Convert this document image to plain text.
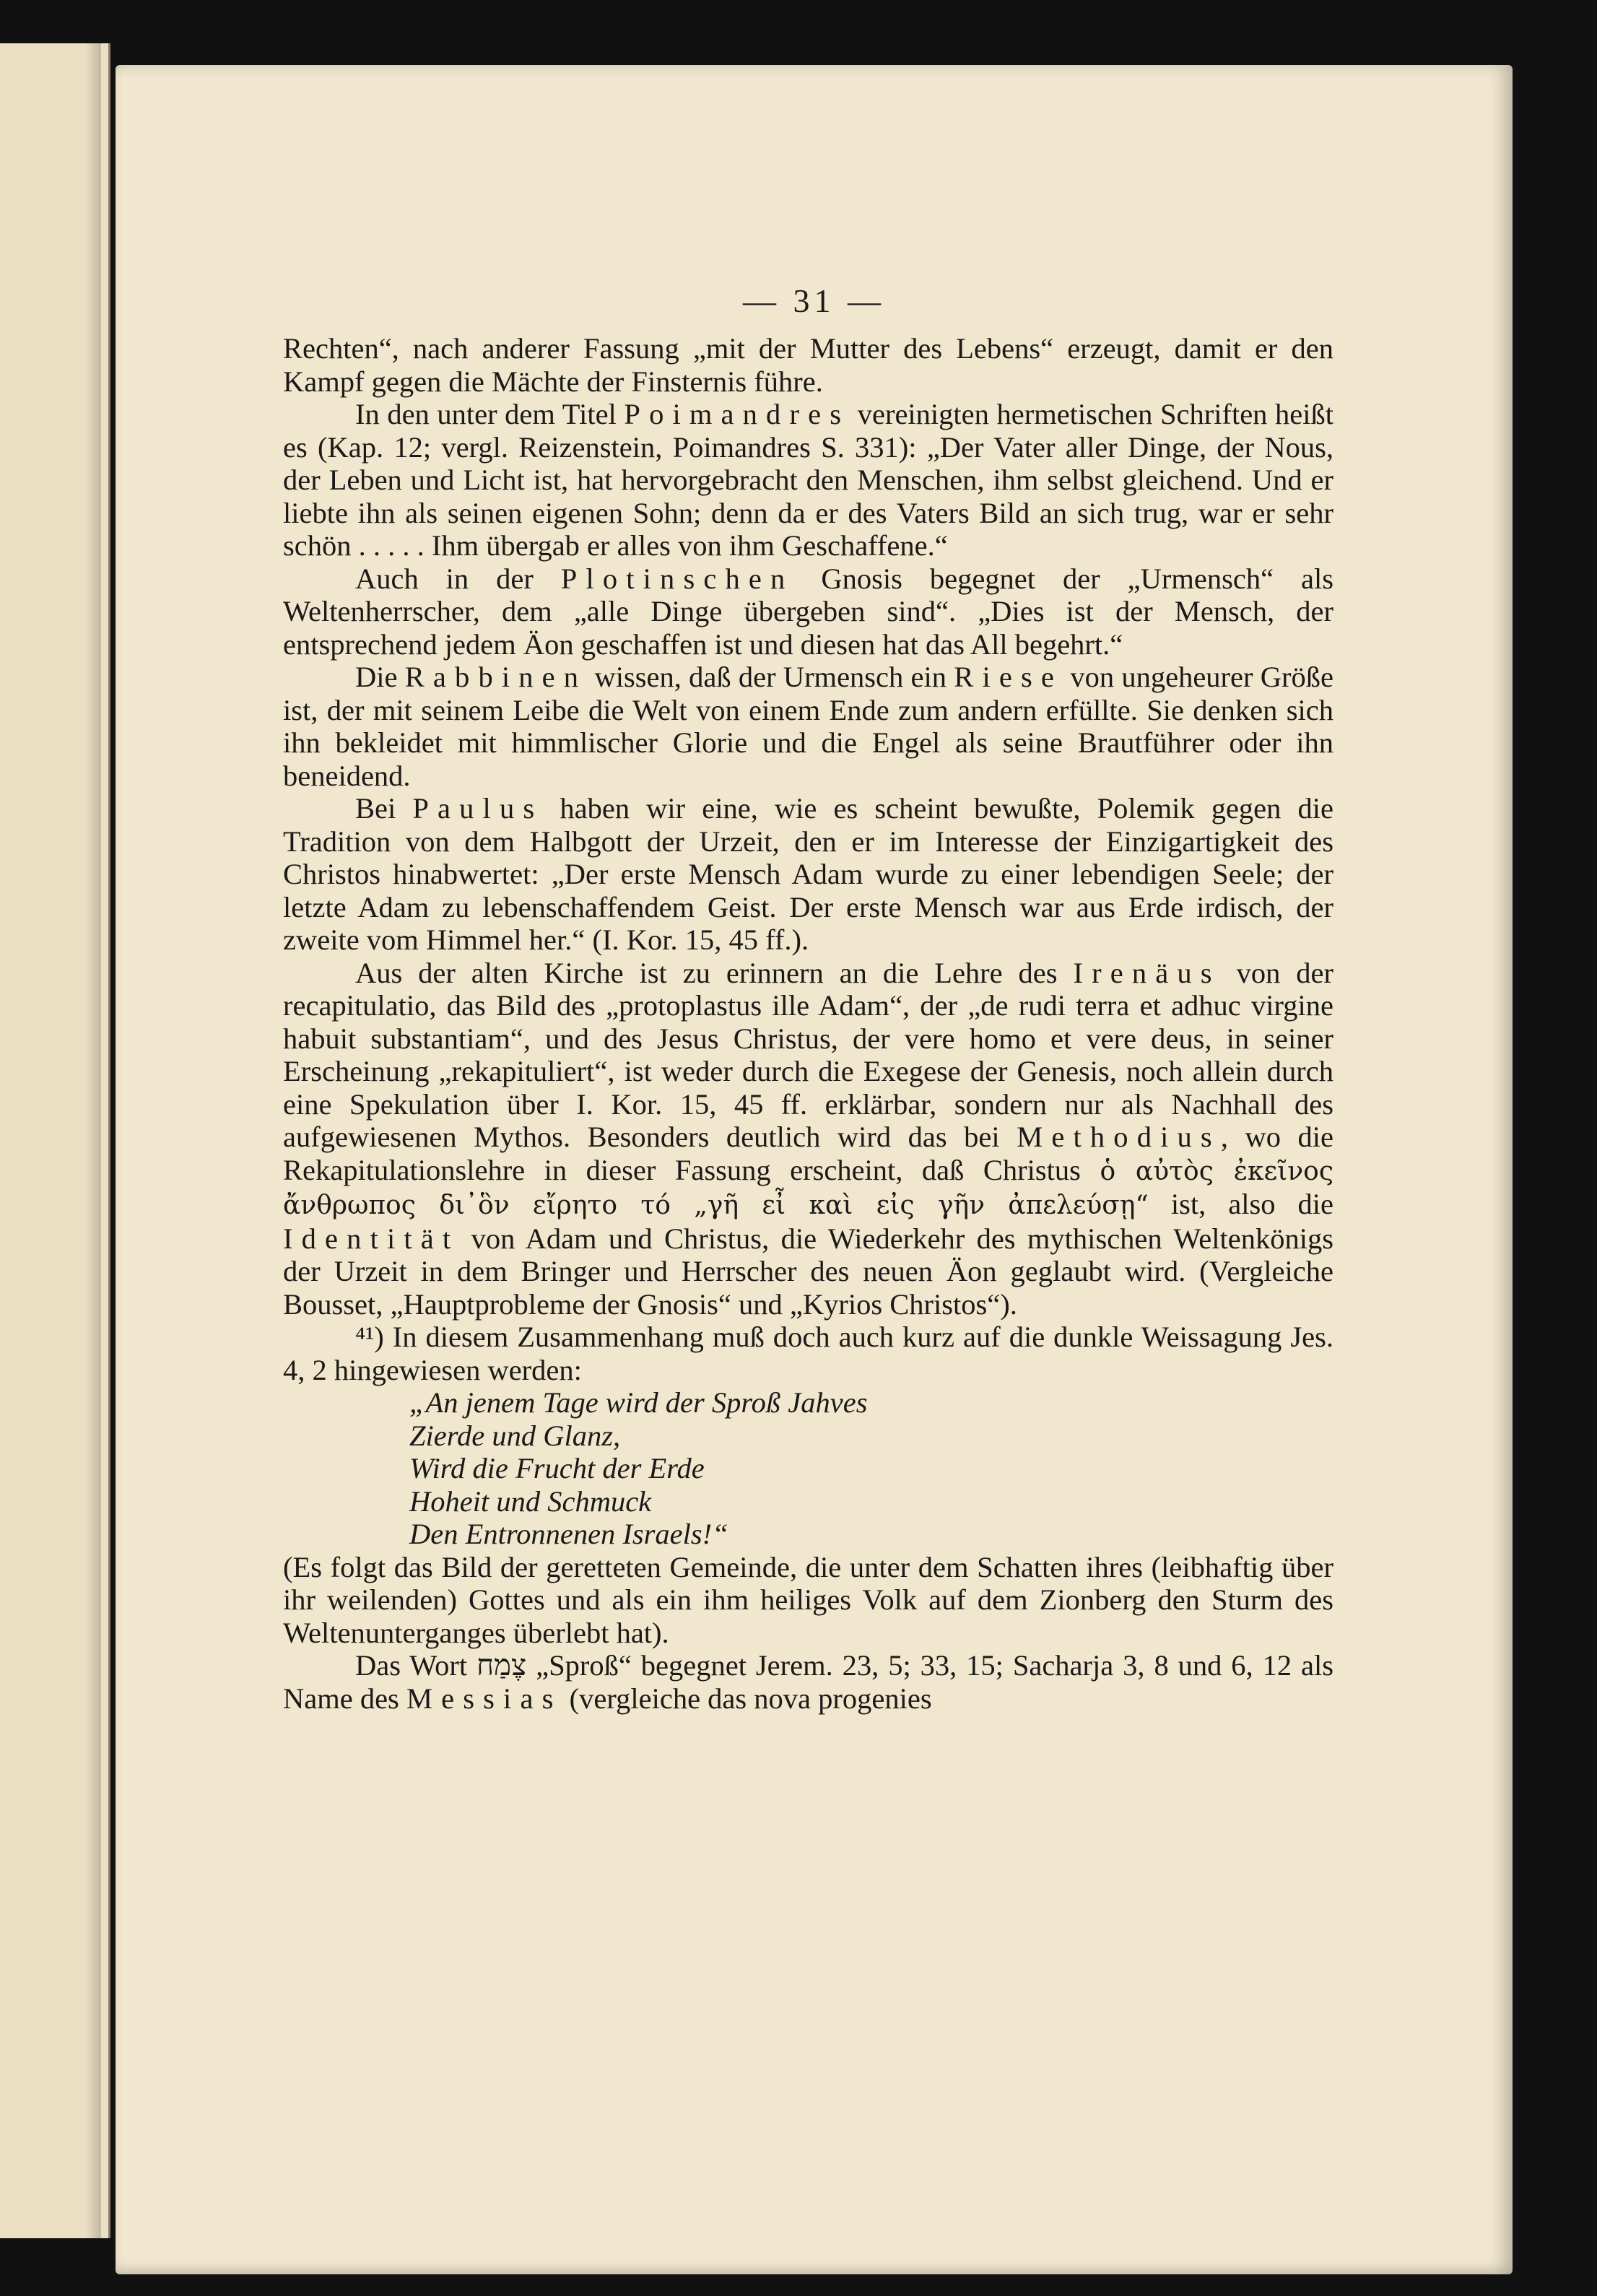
— 31 —

Rechten“, nach anderer Fassung „mit der Mutter des Lebens“ erzeugt, damit er den Kampf gegen die Mächte der Finsternis führe.

In den unter dem Titel Poimandres vereinigten hermetischen Schriften heißt es (Kap. 12; vergl. Reizenstein, Poimandres S. 331): „Der Vater aller Dinge, der Nous, der Leben und Licht ist, hat hervorgebracht den Menschen, ihm selbst gleichend. Und er liebte ihn als seinen eigenen Sohn; denn da er des Vaters Bild an sich trug, war er sehr schön . . . . . Ihm übergab er alles von ihm Geschaffene.“

Auch in der Plotinschen Gnosis begegnet der „Urmensch“ als Weltenherrscher, dem „alle Dinge übergeben sind“. „Dies ist der Mensch, der entsprechend jedem Äon geschaffen ist und diesen hat das All begehrt.“

Die Rabbinen wissen, daß der Urmensch ein Riese von ungeheurer Größe ist, der mit seinem Leibe die Welt von einem Ende zum andern erfüllte. Sie denken sich ihn bekleidet mit himmlischer Glorie und die Engel als seine Brautführer oder ihn beneidend.

Bei Paulus haben wir eine, wie es scheint bewußte, Polemik gegen die Tradition von dem Halbgott der Urzeit, den er im Interesse der Einzigartigkeit des Christos hinabwertet: „Der erste Mensch Adam wurde zu einer lebendigen Seele; der letzte Adam zu lebenschaffendem Geist. Der erste Mensch war aus Erde irdisch, der zweite vom Himmel her.“ (I. Kor. 15, 45 ff.).

Aus der alten Kirche ist zu erinnern an die Lehre des Irenäus von der recapitulatio, das Bild des „protoplastus ille Adam“, der „de rudi terra et adhuc virgine habuit substantiam“, und des Jesus Christus, der vere homo et vere deus, in seiner Erscheinung „rekapituliert“, ist weder durch die Exegese der Genesis, noch allein durch eine Spekulation über I. Kor. 15, 45 ff. erklärbar, sondern nur als Nachhall des aufgewiesenen Mythos. Besonders deutlich wird das bei Methodius, wo die Rekapitulationslehre in dieser Fassung erscheint, daß Christus ὁ αὐτὸς ἐκεῖνος ἄνθρωπος δι᾽ὃν εἴρητο τό „γῆ εἶ καὶ εἰς γῆν ἀπελεύσῃ“ ist, also die Identität von Adam und Christus, die Wiederkehr des mythischen Weltenkönigs der Urzeit in dem Bringer und Herrscher des neuen Äon geglaubt wird. (Vergleiche Bousset, „Hauptprobleme der Gnosis“ und „Kyrios Christos“).

⁴¹) In diesem Zusammenhang muß doch auch kurz auf die dunkle Weissagung Jes. 4, 2 hingewiesen werden:

„An jenem Tage wird der Sproß Jahves
Zierde und Glanz,
Wird die Frucht der Erde
Hoheit und Schmuck
Den Entronnenen Israels!“

(Es folgt das Bild der geretteten Gemeinde, die unter dem Schatten ihres (leibhaftig über ihr weilenden) Gottes und als ein ihm heiliges Volk auf dem Zionberg den Sturm des Weltenunterganges überlebt hat).

Das Wort צֶמַח „Sproß“ begegnet Jerem. 23, 5; 33, 15; Sacharja 3, 8 und 6, 12 als Name des Messias (vergleiche das nova progenies
